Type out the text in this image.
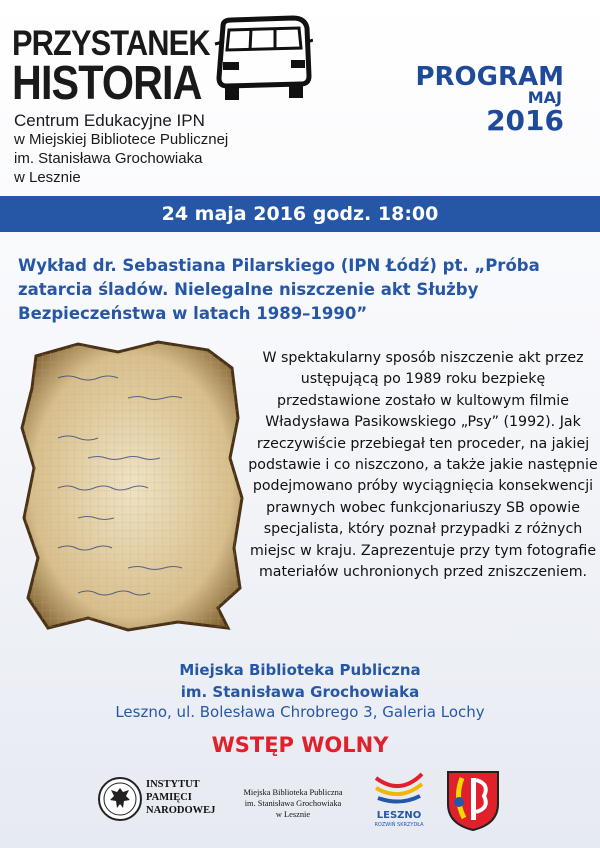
PRZYSTANEK
HISTORIA
Centrum Edukacyjne IPN
w Miejskiej Bibliotece Publicznej
im. Stanisława Grochowiaka
w Lesznie
PROGRAM
MAJ
2016
24 maja 2016 godz. 18:00
Wykład dr. Sebastiana Pilarskiego (IPN Łódź) pt. „Próba zatarcia śladów. Nielegalne niszczenie akt Służby Bezpieczeństwa w latach 1989–1990”
W spektakularny sposób niszczenie akt przez ustępującą po 1989 roku bezpiekę przedstawione zostało w kultowym filmie Władysława Pasikowskiego „Psy” (1992). Jak rzeczywiście przebiegał ten proceder, na jakiej podstawie i co niszczono, a także jakie następnie podejmowano próby wyciągnięcia konsekwencji prawnych wobec funkcjonariuszy SB opowie specjalista, który poznał przypadki z różnych miejsc w kraju. Zaprezentuje przy tym fotografie materiałów uchronionych przed zniszczeniem.
Miejska Biblioteka Publiczna
im. Stanisława Grochowiaka
Leszno, ul. Bolesława Chrobrego 3, Galeria Lochy
WSTĘP WOLNY
INSTYTUT
PAMIĘCI
NARODOWEJ
Miejska Biblioteka Publiczna
im. Stanisława Grochowiaka
w Lesznie	LESZNO
ROZWIŃ SKRZYDŁA
